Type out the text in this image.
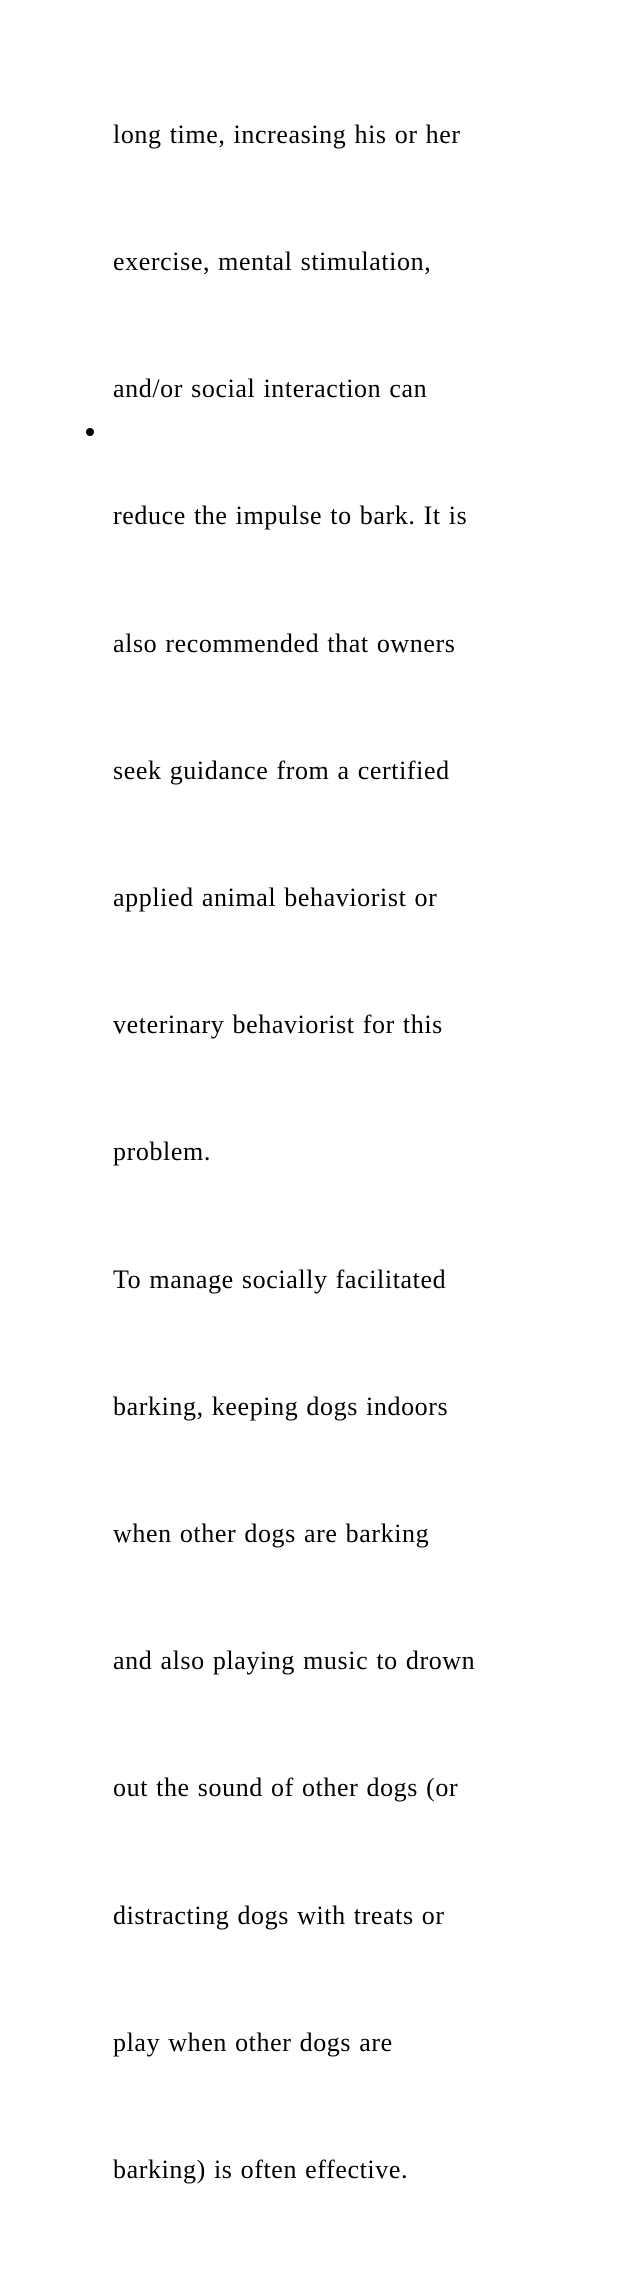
long time, increasing his or her

exercise, mental stimulation,

and/or social interaction can

reduce the impulse to bark. It is

also recommended that owners

seek guidance from a certified

applied animal behaviorist or

veterinary behaviorist for this

problem.

To manage socially facilitated

barking, keeping dogs indoors

when other dogs are barking

and also playing music to drown

out the sound of other dogs (or

distracting dogs with treats or

play when other dogs are

barking) is often effective.
